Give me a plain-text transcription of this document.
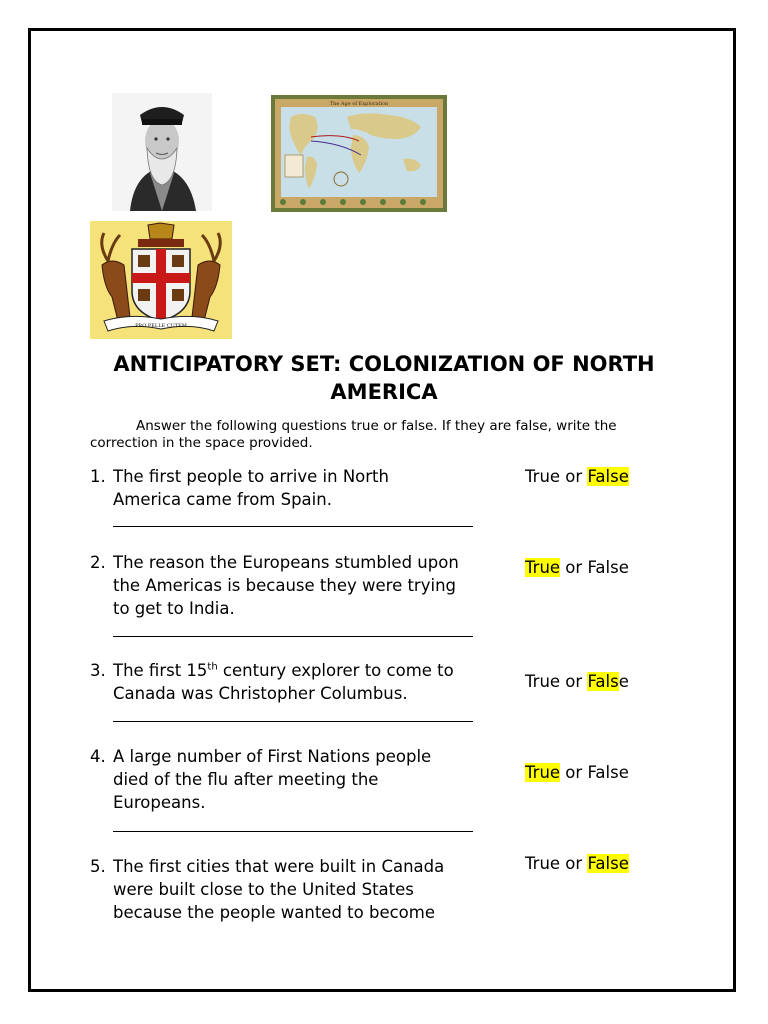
The Age of Exploration
PRO PELLE CUTEM
ANTICIPATORY SET: COLONIZATION OF NORTH AMERICA
Answer the following questions true or false. If they are false, write the correction in the space provided.
1. The first people to arrive in North
America came from Spain.
True or False
2. The reason the Europeans stumbled upon
the Americas is because they were trying
to get to India.
True or False
3. The first 15th century explorer to come to
Canada was Christopher Columbus.
True or False
4. A large number of First Nations people
died of the flu after meeting the
Europeans.
True or False
5. The first cities that were built in Canada
were built close to the United States
because the people wanted to become
True or False
